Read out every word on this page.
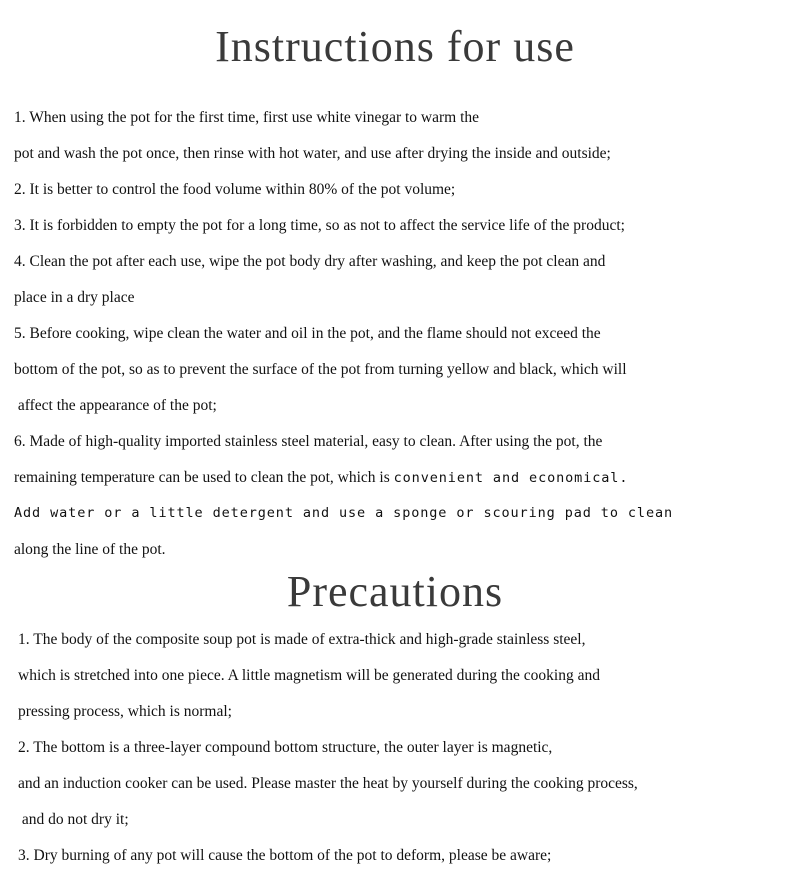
Instructions for use
1. When using the pot for the first time, first use white vinegar to warm the
pot and wash the pot once, then rinse with hot water, and use after drying the inside and outside;
2. It is better to control the food volume within 80% of the pot volume;
3. It is forbidden to empty the pot for a long time, so as not to affect the service life of the product;
4. Clean the pot after each use, wipe the pot body dry after washing, and keep the pot clean and
place in a dry place
5. Before cooking, wipe clean the water and oil in the pot, and the flame should not exceed the
bottom of the pot, so as to prevent the surface of the pot from turning yellow and black, which will
affect the appearance of the pot;
6. Made of high-quality imported stainless steel material, easy to clean. After using the pot, the
remaining temperature can be used to clean the pot, which is convenient and economical.
Add water or a little detergent and use a sponge or scouring pad to clean
along the line of the pot.
Precautions
1. The body of the composite soup pot is made of extra-thick and high-grade stainless steel,
which is stretched into one piece. A little magnetism will be generated during the cooking and
pressing process, which is normal;
2. The bottom is a three-layer compound bottom structure, the outer layer is magnetic,
and an induction cooker can be used. Please master the heat by yourself during the cooking process,
and do not dry it;
3. Dry burning of any pot will cause the bottom of the pot to deform, please be aware;
